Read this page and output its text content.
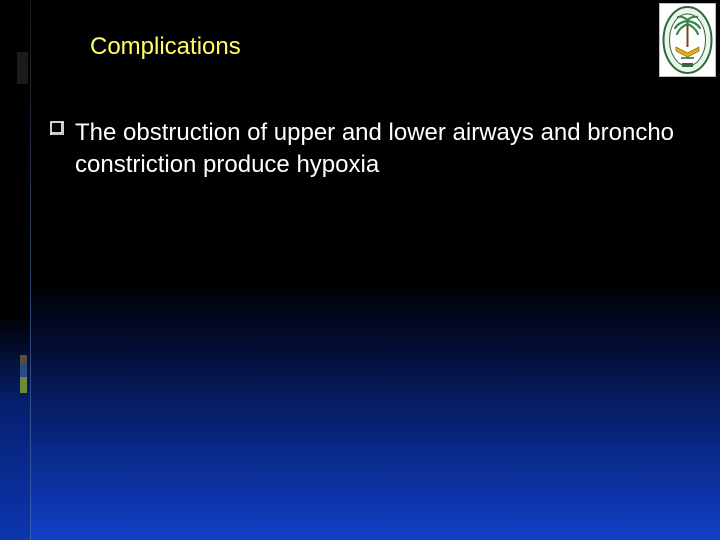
Complications
The obstruction of upper and lower airways and broncho constriction produce hypoxia
